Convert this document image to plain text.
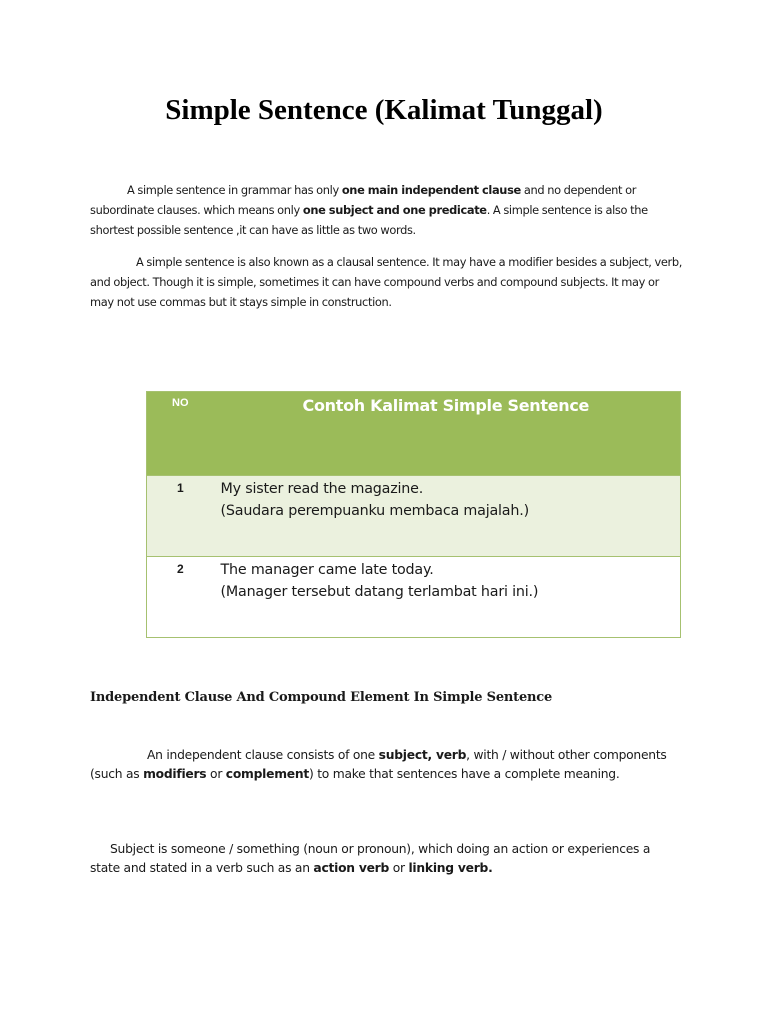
Simple Sentence (Kalimat Tunggal)

A simple sentence in grammar has only one main independent clause and no dependent or subordinate clauses. which means only one subject and one predicate. A simple sentence is also the shortest possible sentence ,it can have as little as two words.

A simple sentence is also known as a clausal sentence. It may have a modifier besides a subject, verb, and object. Though it is simple, sometimes it can have compound verbs and compound subjects. It may or may not use commas but it stays simple in construction.

NO	Contoh Kalimat Simple Sentence
1	My sister read the magazine.
(Saudara perempuanku membaca majalah.)

2	The manager came late today.
(Manager tersebut datang terlambat hari ini.)
Independent Clause And Compound Element In Simple Sentence

An independent clause consists of one subject, verb, with / without other components (such as modifiers or complement) to make that sentences have a complete meaning.

Subject is someone / something (noun or pronoun), which doing an action or experiences a state and stated in a verb such as an action verb or linking verb.
